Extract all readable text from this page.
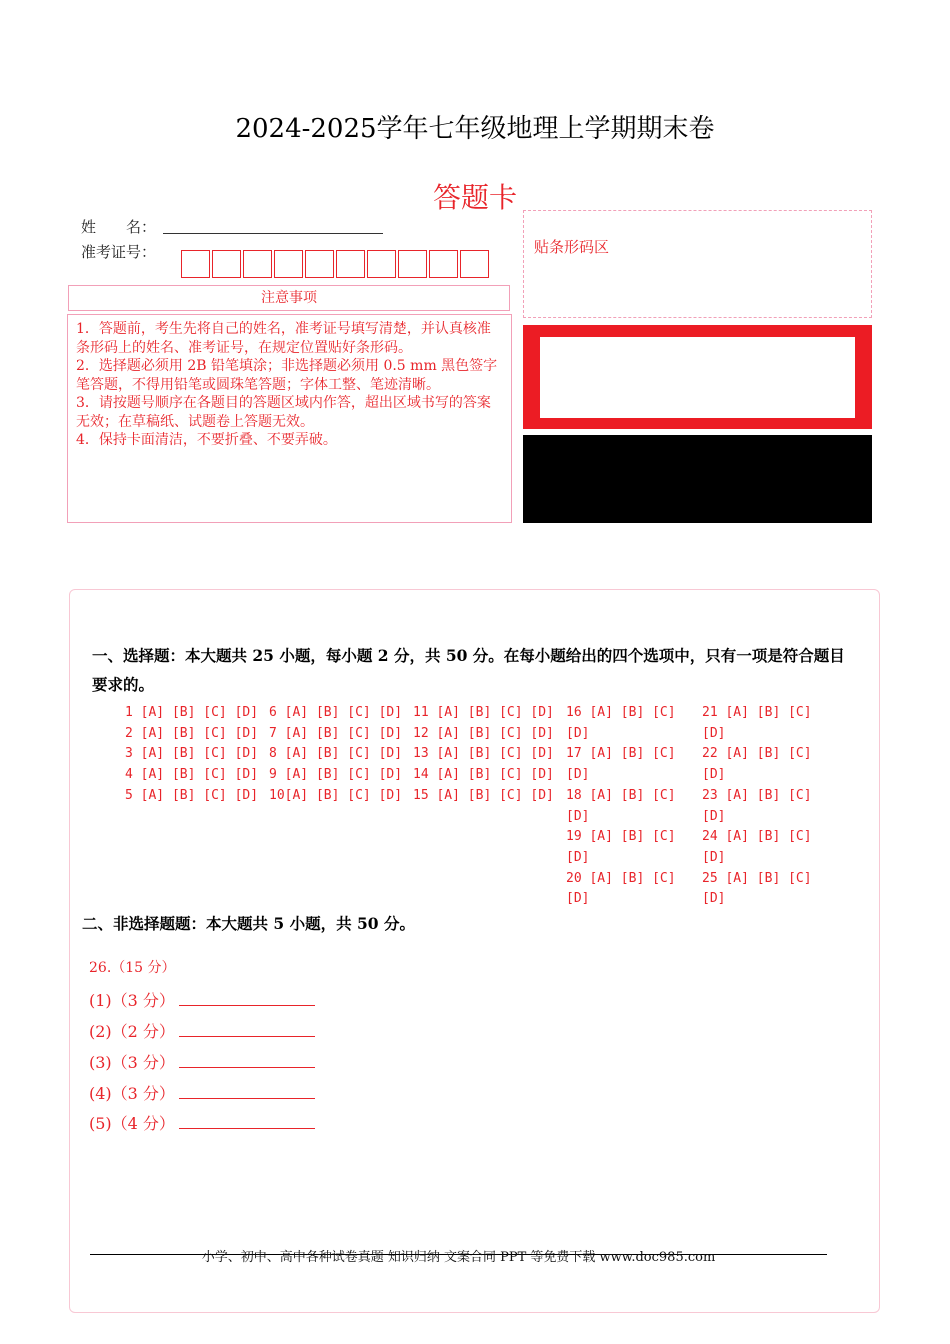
2024-2025学年七年级地理上学期期末卷
答题卡
姓　　名：
准考证号：
注意事项

1．答题前，考生先将自己的姓名，准考证号填写清楚，并认真核准条形码上的姓名、准考证号，在规定位置贴好条形码。

2．选择题必须用 2B 铅笔填涂；非选择题必须用 0.5 mm 黑色签字笔答题，不得用铅笔或圆珠笔答题；字体工整、笔迹清晰。

3．请按题号顺序在各题目的答题区域内作答，超出区域书写的答案无效；在草稿纸、试题卷上答题无效。

4．保持卡面清洁，不要折叠、不要弄破。

贴条形码区
一、选择题：本大题共 25 小题，每小题 2 分，共 50 分。在每小题给出的四个选项中，只有一项是符合题目要求的。
1 [A] [B] [C] [D]
2 [A] [B] [C] [D]
3 [A] [B] [C] [D]
4 [A] [B] [C] [D]
5 [A] [B] [C] [D]
6 [A] [B] [C] [D]
7 [A] [B] [C] [D]
8 [A] [B] [C] [D]
9 [A] [B] [C] [D]
10[A] [B] [C] [D]
11 [A] [B] [C] [D]
12 [A] [B] [C] [D]
13 [A] [B] [C] [D]
14 [A] [B] [C] [D]
15 [A] [B] [C] [D]
16 [A] [B] [C] [D]
17 [A] [B] [C] [D]
18 [A] [B] [C] [D]
19 [A] [B] [C] [D]
20 [A] [B] [C] [D]
21 [A] [B] [C] [D]
22 [A] [B] [C] [D]
23 [A] [B] [C] [D]
24 [A] [B] [C] [D]
25 [A] [B] [C] [D]
二、非选择题题：本大题共 5 小题，共 50 分。
26.（15 分）
(1)（3 分）
(2)（2 分）
(3)（3 分）
(4)（3 分）
(5)（4 分）
小学、初中、高中各种试卷真题 知识归纳 文案合同 PPT 等免费下载 www.doc985.com
